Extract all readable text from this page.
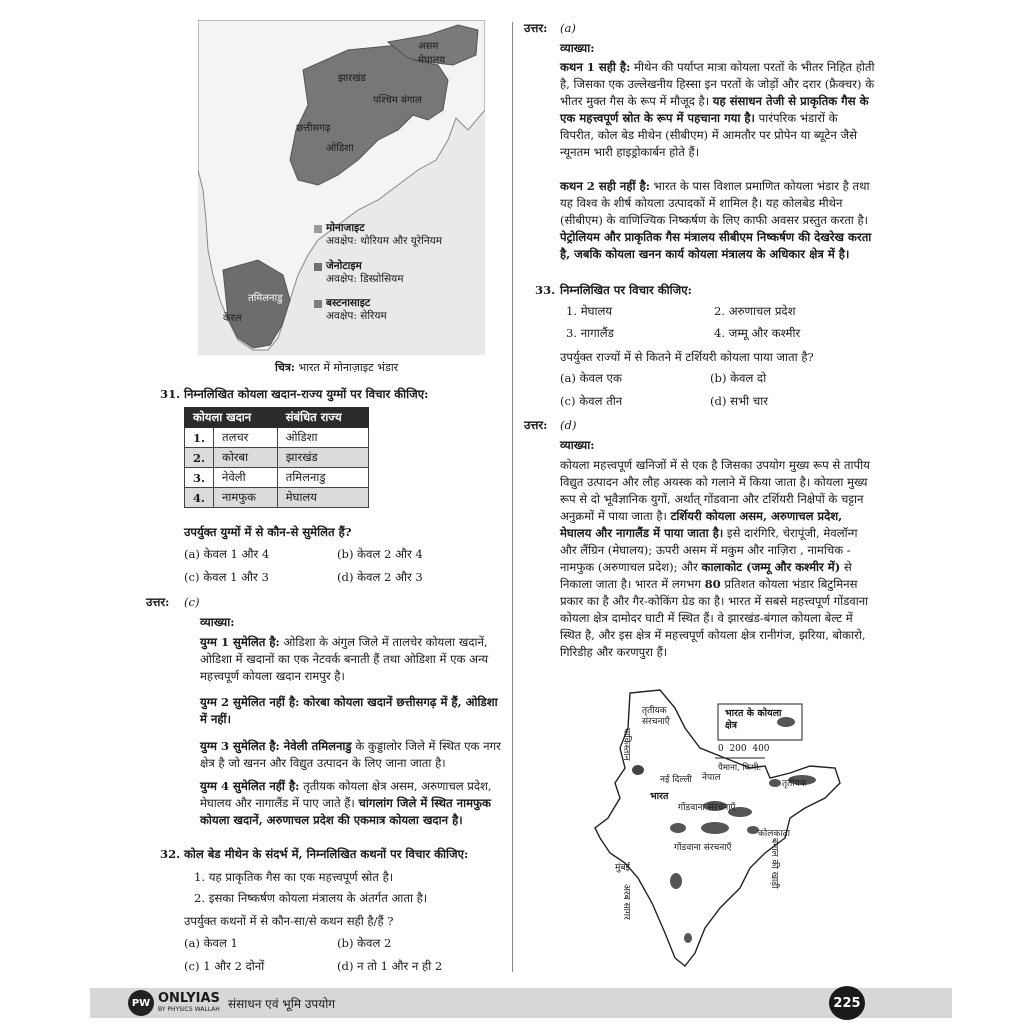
असम
मेघालय
झारखंड
पश्चिम बंगाल
छत्तीसगढ़
ओडिशा
तमिलनाडु
केरल
मोनाजाइट
अवक्षेप: थोरियम और यूरेनियम
जेनोटाइम
अवक्षेप: डिस्प्रोसियम
बस्टनासाइट
अवक्षेप: सेरियम
चित्र: भारत में मोनाज़ाइट भंडार
31. निम्नलिखित कोयला खदान-राज्य युग्मों पर विचार कीजिए:
कोयला खदान		संबंधित राज्य
1.	तलचर	ओडिशा
2.	कोरबा	झारखंड
3.	नेवेली	तमिलनाडु
4.	नामफुक	मेघालय
उपर्युक्त युग्मों में से कौन-से सुमेलित हैं?
(a) केवल 1 और 4	(b) केवल 2 और 4
(c) केवल 1 और 3	(d) केवल 2 और 3
उत्तर: (c)
व्याख्या:
युग्म 1 सुमेलित है: ओडिशा के अंगुल जिले में तालचेर कोयला खदानें, ओडिशा में खदानों का एक नेटवर्क बनाती हैं तथा ओडिशा में एक अन्य महत्त्वपूर्ण कोयला खदान रामपुर है।
युग्म 2 सुमेलित नहीं है: कोरबा कोयला खदानें छत्तीसगढ़ में हैं, ओडिशा में नहीं।
युग्म 3 सुमेलित है: नेवेली तमिलनाडु के कुड्डालोर जिले में स्थित एक नगर क्षेत्र है जो खनन और विद्युत उत्पादन के लिए जाना जाता है।
युग्म 4 सुमेलित नहीं है: तृतीयक कोयला क्षेत्र असम, अरुणाचल प्रदेश, मेघालय और नागालैंड में पाए जाते हैं। चांगलांग जिले में स्थित नामफुक कोयला खदानें, अरुणाचल प्रदेश की एकमात्र कोयला खदान है।
32. कोल बेड मीथेन के संदर्भ में, निम्नलिखित कथनों पर विचार कीजिए:
1. यह प्राकृतिक गैस का एक महत्त्वपूर्ण स्रोत है।
2. इसका निष्कर्षण कोयला मंत्रालय के अंतर्गत आता है।
उपर्युक्त कथनों में से कौन-सा/से कथन सही है/हैं ?
(a) केवल 1	(b) केवल 2
(c) 1 और 2 दोनों	(d) न तो 1 और न ही 2
उत्तर: (a)
व्याख्या:
कथन 1 सही है: मीथेन की पर्याप्त मात्रा कोयला परतों के भीतर निहित होती है, जिसका एक उल्लेखनीय हिस्सा इन परतों के जोड़ों और दरार (फ्रैक्चर) के भीतर मुक्त गैस के रूप में मौजूद है। यह संसाधन तेजी से प्राकृतिक गैस के एक महत्त्वपूर्ण स्रोत के रूप में पहचाना गया है। पारंपरिक भंडारों के विपरीत, कोल बेड मीथेन (सीबीएम) में आमतौर पर प्रोपेन या ब्यूटेन जैसे न्यूनतम भारी हाइड्रोकार्बन होते हैं।
कथन 2 सही नहीं है: भारत के पास विशाल प्रमाणित कोयला भंडार है तथा यह विश्व के शीर्ष कोयला उत्पादकों में शामिल है। यह कोलबेड मीथेन (सीबीएम) के वाणिज्यिक निष्कर्षण के लिए काफी अवसर प्रस्तुत करता है। पेट्रोलियम और प्राकृतिक गैस मंत्रालय सीबीएम निष्कर्षण की देखरेख करता है, जबकि कोयला खनन कार्य कोयला मंत्रालय के अधिकार क्षेत्र में है।
33. निम्नलिखित पर विचार कीजिए:
1. मेघालय	2. अरुणाचल प्रदेश
3. नागालैंड	4. जम्मू और कश्मीर
उपर्युक्त राज्यों में से कितने में टर्शियरी कोयला पाया जाता है?
(a) केवल एक	(b) केवल दो
(c) केवल तीन	(d) सभी चार
उत्तर: (d)
व्याख्या:
कोयला महत्त्वपूर्ण खनिजों में से एक है जिसका उपयोग मुख्य रूप से तापीय विद्युत उत्पादन और लौह अयस्क को गलाने में किया जाता है। कोयला मुख्य रूप से दो भूवैज्ञानिक युगों, अर्थात् गोंडवाना और टर्शियरी निक्षेपों के चट्टान अनुक्रमों में पाया जाता है। टर्शियरी कोयला असम, अरुणाचल प्रदेश, मेघालय और नागालैंड में पाया जाता है। इसे दारंगिरि, चेरापूंजी, मेवलॉन्ग और लैंग्रिन (मेघालय); ऊपरी असम में मकुम और नाज़िरा , नामचिक - नामफुक (अरुणाचल प्रदेश); और कालाकोट (जम्मू और कश्मीर में) से निकाला जाता है। भारत में लगभग 80 प्रतिशत कोयला भंडार बिटुमिनस प्रकार का है और गैर-कोकिंग ग्रेड का है। भारत में सबसे महत्त्वपूर्ण गोंडवाना कोयला क्षेत्र दामोदर घाटी में स्थित हैं। वे झारखंड-बंगाल कोयला बेल्ट में स्थित है, और इस क्षेत्र में महत्त्वपूर्ण कोयला क्षेत्र रानीगंज, झरिया, बोकारो, गिरिडीह और करणपुरा हैं।
भारत के कोयला क्षेत्र
0  200  400
पैमाना, किमी.
तृतीयक संरचनाएँ
पाकिस्तान
नई दिल्ली नेपाल
तृतीयक
भारत
गोंडवाना संरचनाएँ
कोलकाता
गोंडवाना संरचनाएँ
मुंबई	बंगाल की खाड़ी
अरब सागर
PW ONLYIAS
BY PHYSICS WALLAH संसाधन एवं भूमि उपयोग	225
